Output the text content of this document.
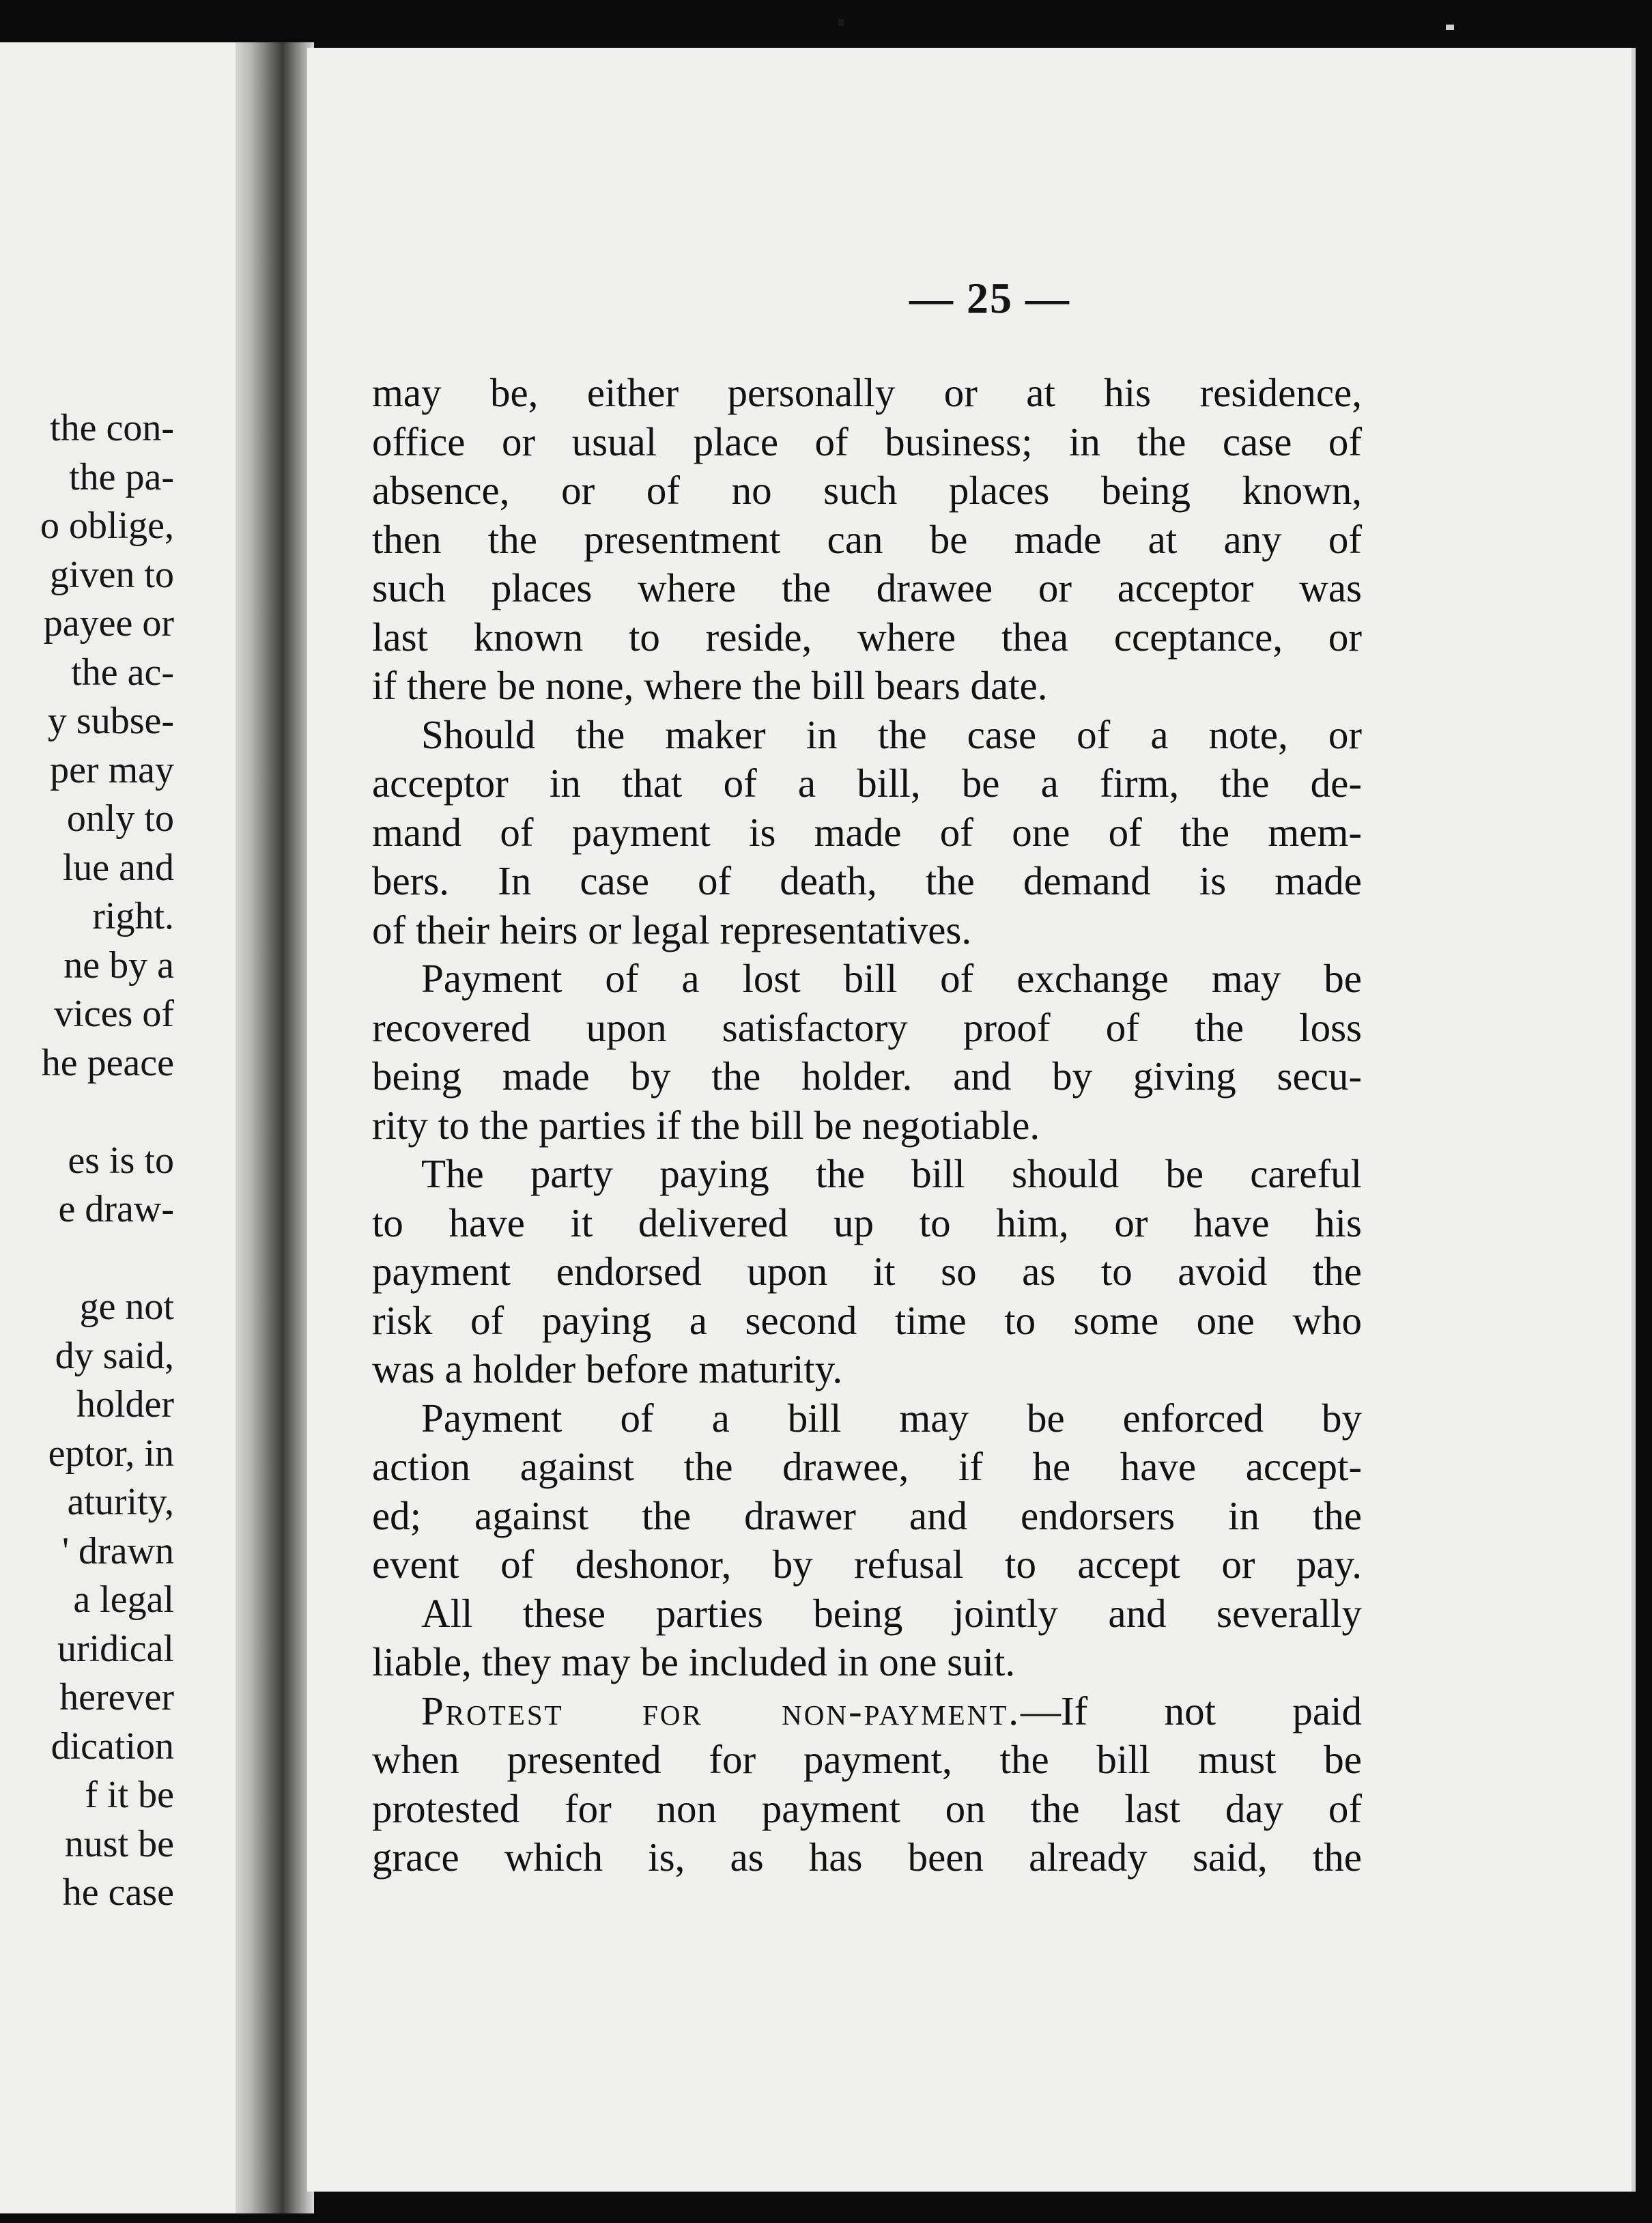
the con-
the pa-
o oblige,
given to
payee or
the ac-
y subse-
per may
only to
lue and
right.
ne by a
vices of
he peace
es is to
e draw-
ge not
dy said,
holder
eptor, in
aturity,
' drawn
a legal
uridical
herever
dication
f it be
nust be
he case
— 25 —
may be, either personally or at his residence,
office or usual place of business; in the case of
absence, or of no such places being known,
then the presentment can be made at any of
such places where the drawee or acceptor was
last known to reside, where thea cceptance, or
if there be none, where the bill bears date.
Should the maker in the case of a note, or
acceptor in that of a bill, be a firm, the de-
mand of payment is made of one of the mem-
bers. In case of death, the demand is made
of their heirs or legal representatives.
Payment of a lost bill of exchange may be
recovered upon satisfactory proof of the loss
being made by the holder. and by giving secu-
rity to the parties if the bill be negotiable.
The party paying the bill should be careful
to have it delivered up to him, or have his
payment endorsed upon it so as to avoid the
risk of paying a second time to some one who
was a holder before maturity.
Payment of a bill may be enforced by
action against the drawee, if he have accept-
ed; against the drawer and endorsers in the
event of deshonor, by refusal to accept or pay.
All these parties being jointly and severally
liable, they may be included in one suit.
Protest for non-payment.—If not paid
when presented for payment, the bill must be
protested for non payment on the last day of
grace which is, as has been already said, the
